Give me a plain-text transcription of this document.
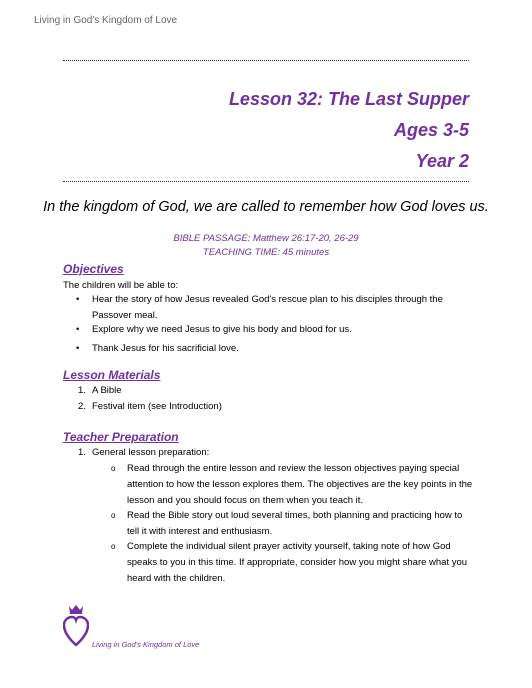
Living in God's Kingdom of Love
Lesson 32: The Last Supper
Ages 3-5
Year 2
In the kingdom of God, we are called to remember how God loves us.
BIBLE PASSAGE: Matthew 26:17-20, 26-29
TEACHING TIME: 45 minutes
Objectives
The children will be able to:
• Hear the story of how Jesus revealed God's rescue plan to his disciples through the Passover meal.
• Explore why we need Jesus to give his body and blood for us.
• Thank Jesus for his sacrificial love.
Lesson Materials
1. A Bible
2. Festival item (see Introduction)
Teacher Preparation
1. General lesson preparation:
o Read through the entire lesson and review the lesson objectives paying special attention to how the lesson explores them. The objectives are the key points in the lesson and you should focus on them when you teach it.
o Read the Bible story out loud several times, both planning and practicing how to tell it with interest and enthusiasm.
o Complete the individual silent prayer activity yourself, taking note of how God speaks to you in this time. If appropriate, consider how you might share what you heard with the children.
Living in God's Kingdom of Love
